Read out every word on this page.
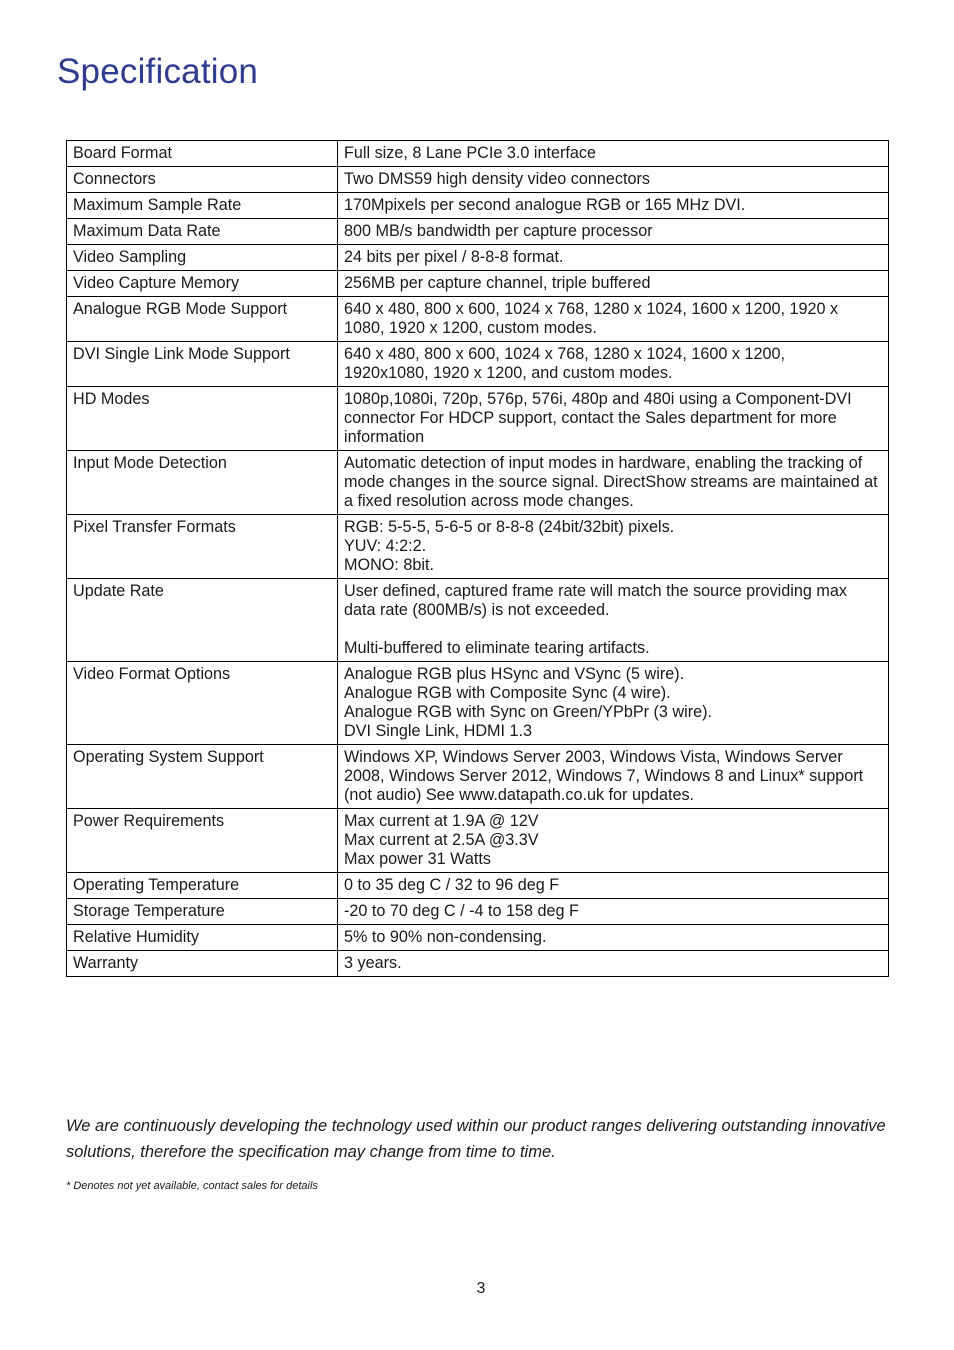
Specification
Board Format	Full size, 8 Lane PCIe 3.0 interface
Connectors	Two DMS59 high density video connectors
Maximum Sample Rate	170Mpixels per second analogue RGB or 165 MHz DVI.
Maximum Data Rate	800 MB/s bandwidth per capture processor
Video Sampling	24 bits per pixel / 8-8-8 format.
Video Capture Memory	256MB per capture channel, triple buffered
Analogue RGB Mode Support	640 x 480, 800 x 600, 1024 x 768, 1280 x 1024, 1600 x 1200, 1920 x 1080, 1920 x 1200, custom modes.
DVI Single Link Mode Support	640 x 480, 800 x 600, 1024 x 768, 1280 x 1024, 1600 x 1200,
1920x1080, 1920 x 1200, and custom modes.
HD Modes	1080p,1080i, 720p, 576p, 576i, 480p and 480i using a Component-DVI connector For HDCP support, contact the Sales department for more information
Input Mode Detection	Automatic detection of input modes in hardware, enabling the tracking of mode changes in the source signal. DirectShow streams are maintained at a fixed resolution across mode changes.
Pixel Transfer Formats	RGB: 5-5-5, 5-6-5 or 8-8-8 (24bit/32bit) pixels.
YUV: 4:2:2.
MONO: 8bit.
Update Rate	User defined, captured frame rate will match the source providing max data rate (800MB/s) is not exceeded.

Multi-buffered to eliminate tearing artifacts.
Video Format Options	Analogue RGB plus HSync and VSync (5 wire).
Analogue RGB with Composite Sync (4 wire).
Analogue RGB with Sync on Green/YPbPr (3 wire).
DVI Single Link, HDMI 1.3
Operating System Support	Windows XP, Windows Server 2003, Windows Vista, Windows Server 2008, Windows Server 2012, Windows 7, Windows 8 and Linux* support (not audio) See www.datapath.co.uk for updates.
Power Requirements	Max current at 1.9A @ 12V
Max current at 2.5A @3.3V
Max power 31 Watts
Operating Temperature	0 to 35 deg C / 32 to 96 deg F
Storage Temperature	-20 to 70 deg C / -4 to 158 deg F
Relative Humidity	5% to 90% non-condensing.
Warranty	3 years.

We are continuously developing the technology used within our product ranges delivering outstanding innovative solutions, therefore the specification may change from time to time.

* Denotes not yet available, contact sales for details

3
